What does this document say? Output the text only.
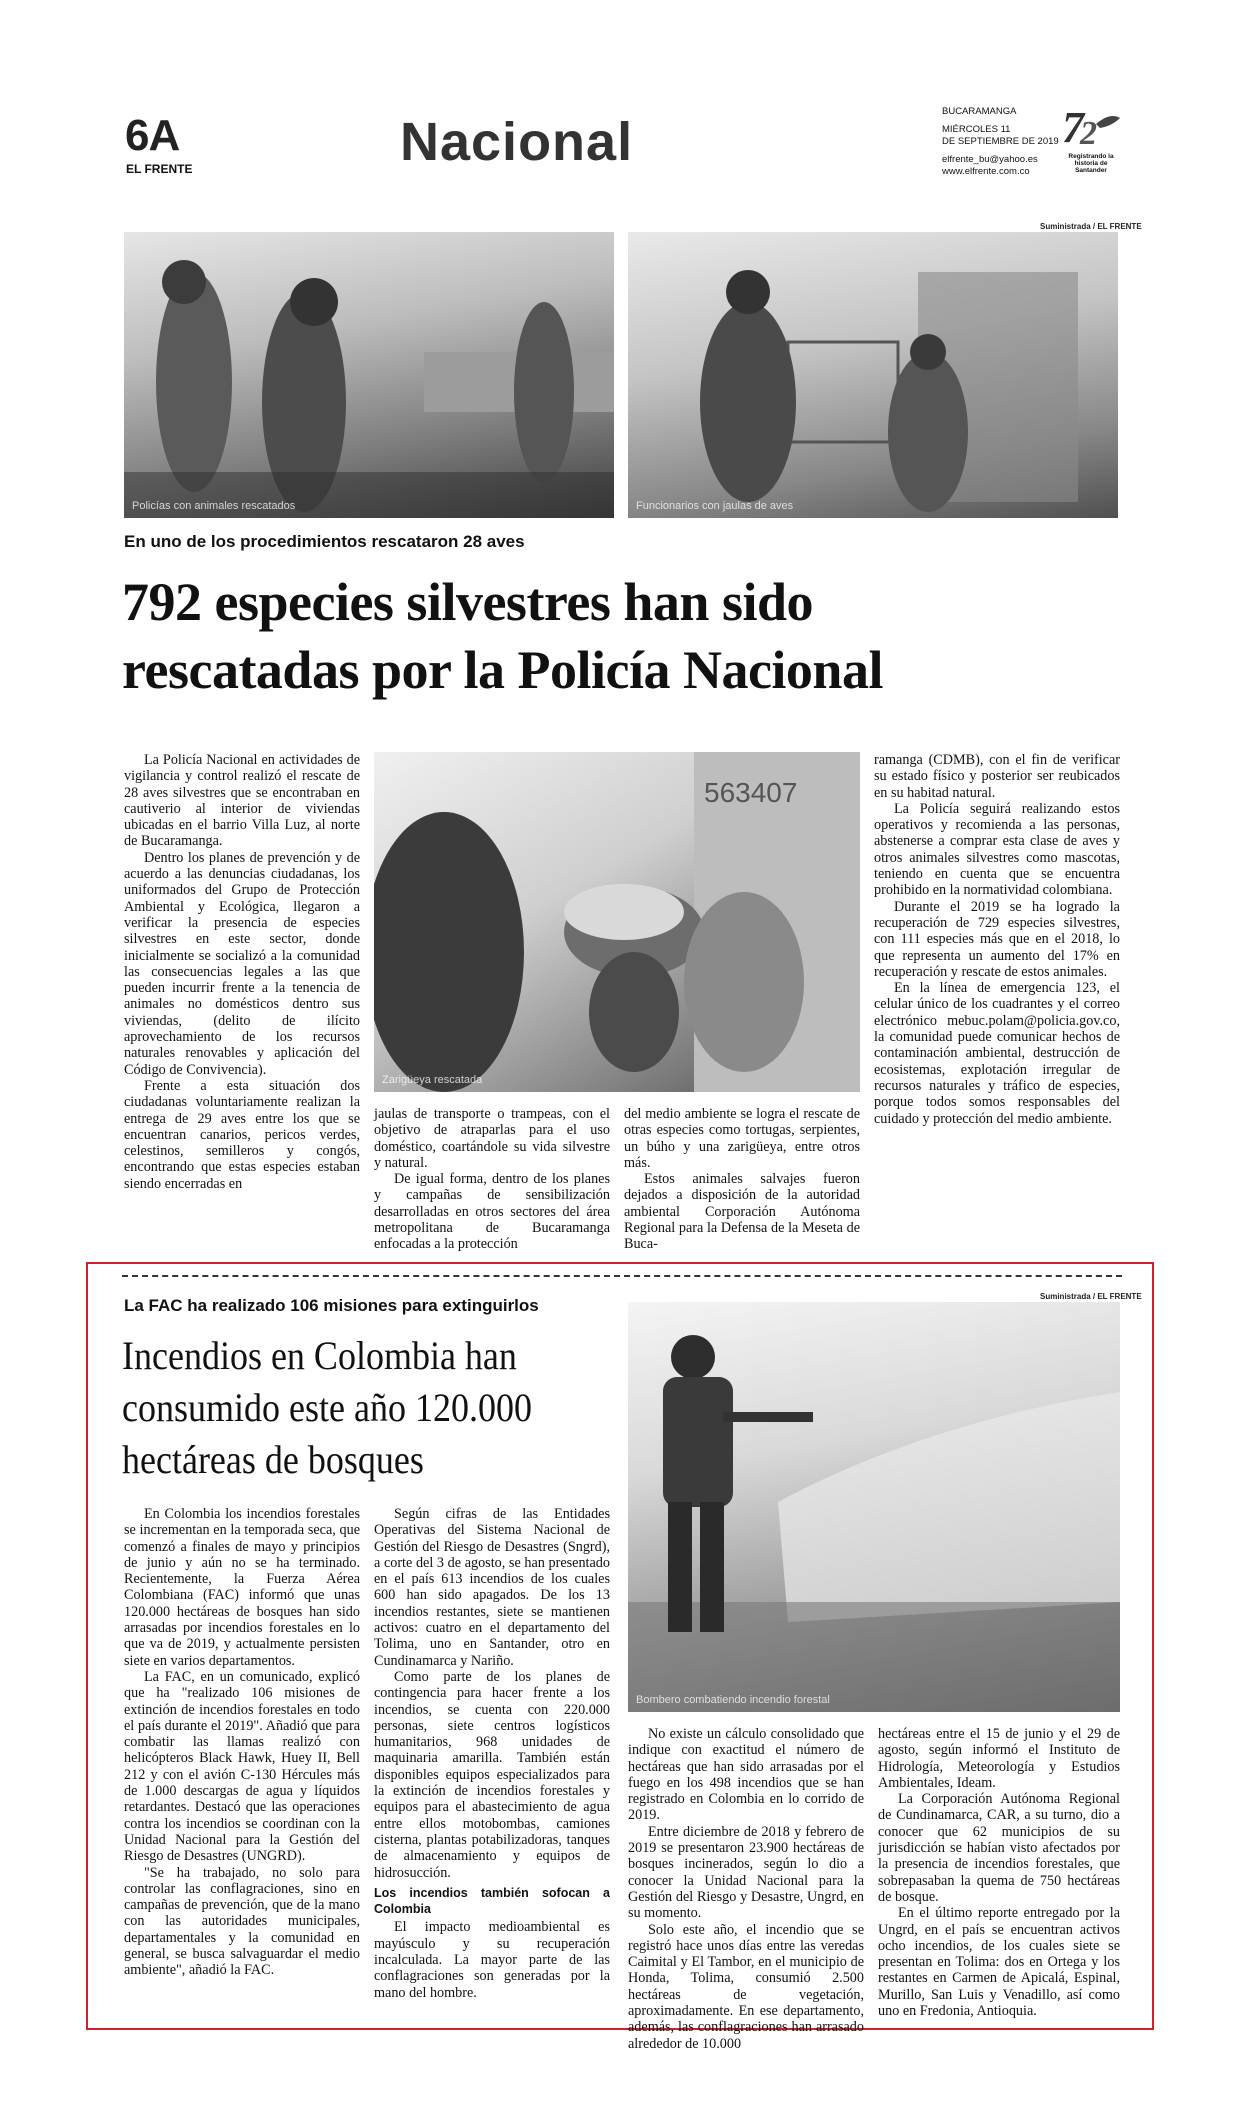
6A
EL FRENTE	Nacional
BUCARAMANGA
MIÉRCOLES 11
DE SEPTIEMBRE DE 2019
elfrente_bu@yahoo.es
www.elfrente.com.co
7
2
Registrando la historia de Santander
Suministrada / EL FRENTE
Policías con animales rescatados	Funcionarios con jaulas de aves
En uno de los procedimientos rescataron 28 aves
792 especies silvestres han sido
rescatadas por la Policía Nacional

La Policía Nacional en actividades de vigilancia y control realizó el rescate de 28 aves silvestres que se encontraban en cautiverio al interior de viviendas ubicadas en el barrio Villa Luz, al norte de Bucaramanga.

Dentro los planes de prevención y de acuerdo a las denuncias ciudadanas, los uniformados del Grupo de Protección Ambiental y Ecológica, llegaron a verificar la presencia de especies silvestres en este sector, donde inicialmente se socializó a la comunidad las consecuencias legales a las que pueden incurrir frente a la tenencia de animales no domésticos dentro sus viviendas, (delito de ilícito aprovechamiento de los recursos naturales renovables y aplicación del Código de Convivencia).

Frente a esta situación dos ciudadanas voluntariamente realizan la entrega de 29 aves entre los que se encuentran canarios, pericos verdes, celestinos, semilleros y congós, encontrando que estas especies estaban siendo encerradas en

563407
Zarigüeya rescatada

jaulas de transporte o trampeas, con el objetivo de atraparlas para el uso doméstico, coartándole su vida silvestre y natural.

De igual forma, dentro de los planes y campañas de sensibilización desarrolladas en otros sectores del área metropolitana de Bucaramanga enfocadas a la protección

del medio ambiente se logra el rescate de otras especies como tortugas, serpientes, un búho y una zarigüeya, entre otros más.

Estos animales salvajes fueron dejados a disposición de la autoridad ambiental Corporación Autónoma Regional para la Defensa de la Meseta de Buca-

ramanga (CDMB), con el fin de verificar su estado físico y posterior ser reubicados en su habitad natural.

La Policía seguirá realizando estos operativos y recomienda a las personas, abstenerse a comprar esta clase de aves y otros animales silvestres como mascotas, teniendo en cuenta que se encuentra prohibido en la normatividad colombiana.

Durante el 2019 se ha logrado la recuperación de 729 especies silvestres, con 111 especies más que en el 2018, lo que representa un aumento del 17% en recuperación y rescate de estos animales.

En la línea de emergencia 123, el celular único de los cuadrantes y el correo electrónico mebuc.polam@policia.gov.co, la comunidad puede comunicar hechos de contaminación ambiental, destrucción de ecosistemas, explotación irregular de recursos naturales y tráfico de especies, porque todos somos responsables del cuidado y protección del medio ambiente.

La FAC ha realizado 106 misiones para extinguirlos
Incendios en Colombia han
consumido este año 120.000
hectáreas de bosques
Suministrada / EL FRENTE
Bombero combatiendo incendio forestal

En Colombia los incendios forestales se incrementan en la temporada seca, que comenzó a finales de mayo y principios de junio y aún no se ha terminado. Recientemente, la Fuerza Aérea Colombiana (FAC) informó que unas 120.000 hectáreas de bosques han sido arrasadas por incendios forestales en lo que va de 2019, y actualmente persisten siete en varios departamentos.

La FAC, en un comunicado, explicó que ha "realizado 106 misiones de extinción de incendios forestales en todo el país durante el 2019". Añadió que para combatir las llamas realizó con helicópteros Black Hawk, Huey II, Bell 212 y con el avión C-130 Hércules más de 1.000 descargas de agua y líquidos retardantes. Destacó que las operaciones contra los incendios se coordinan con la Unidad Nacional para la Gestión del Riesgo de Desastres (UNGRD).

"Se ha trabajado, no solo para controlar las conflagraciones, sino en campañas de prevención, que de la mano con las autoridades municipales, departamentales y la comunidad en general, se busca salvaguardar el medio ambiente", añadió la FAC.

Según cifras de las Entidades Operativas del Sistema Nacional de Gestión del Riesgo de Desastres (Sngrd), a corte del 3 de agosto, se han presentado en el país 613 incendios de los cuales 600 han sido apagados. De los 13 incendios restantes, siete se mantienen activos: cuatro en el departamento del Tolima, uno en Santander, otro en Cundinamarca y Nariño.

Como parte de los planes de contingencia para hacer frente a los incendios, se cuenta con 220.000 personas, siete centros logísticos humanitarios, 968 unidades de maquinaria amarilla. También están disponibles equipos especializados para la extinción de incendios forestales y equipos para el abastecimiento de agua entre ellos motobombas, camiones cisterna, plantas potabilizadoras, tanques de almacenamiento y equipos de hidrosucción.

Los incendios también sofocan a Colombia

El impacto medioambiental es mayúsculo y su recuperación incalculada. La mayor parte de las conflagraciones son generadas por la mano del hombre.

No existe un cálculo consolidado que indique con exactitud el número de hectáreas que han sido arrasadas por el fuego en los 498 incendios que se han registrado en Colombia en lo corrido de 2019.

Entre diciembre de 2018 y febrero de 2019 se presentaron 23.900 hectáreas de bosques incinerados, según lo dio a conocer la Unidad Nacional para la Gestión del Riesgo y Desastre, Ungrd, en su momento.

Solo este año, el incendio que se registró hace unos días entre las veredas Caimital y El Tambor, en el municipio de Honda, Tolima, consumió 2.500 hectáreas de vegetación, aproximadamente. En ese departamento, además, las conflagraciones han arrasado alrededor de 10.000

hectáreas entre el 15 de junio y el 29 de agosto, según informó el Instituto de Hidrología, Meteorología y Estudios Ambientales, Ideam.

La Corporación Autónoma Regional de Cundinamarca, CAR, a su turno, dio a conocer que 62 municipios de su jurisdicción se habían visto afectados por la presencia de incendios forestales, que sobrepasaban la quema de 750 hectáreas de bosque.

En el último reporte entregado por la Ungrd, en el país se encuentran activos ocho incendios, de los cuales siete se presentan en Tolima: dos en Ortega y los restantes en Carmen de Apicalá, Espinal, Murillo, San Luis y Venadillo, así como uno en Fredonia, Antioquia.
